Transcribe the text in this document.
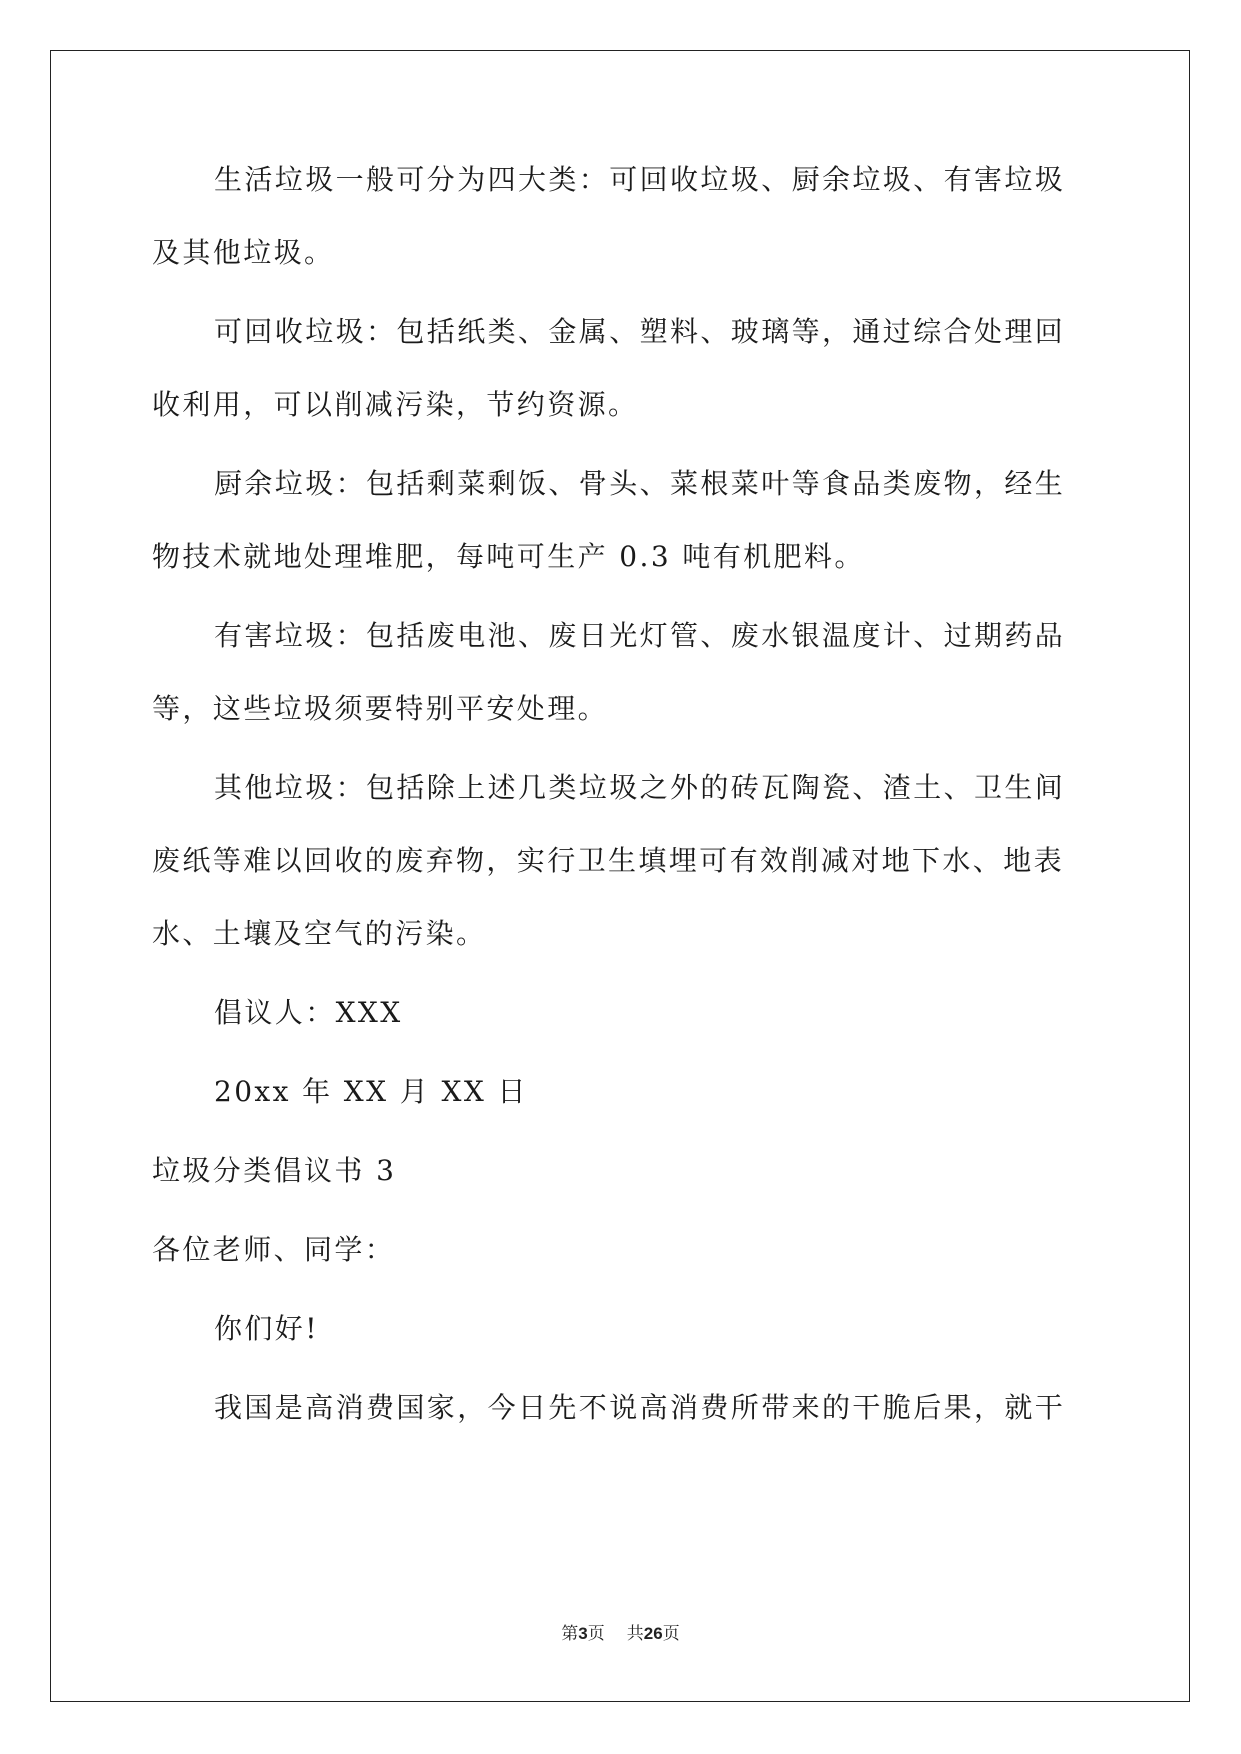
生活垃圾一般可分为四大类：可回收垃圾、厨余垃圾、有害垃圾
及其他垃圾。
可回收垃圾：包括纸类、金属、塑料、玻璃等，通过综合处理回
收利用，可以削减污染，节约资源。
厨余垃圾：包括剩菜剩饭、骨头、菜根菜叶等食品类废物，经生
物技术就地处理堆肥，每吨可生产 0.3 吨有机肥料。
有害垃圾：包括废电池、废日光灯管、废水银温度计、过期药品
等，这些垃圾须要特别平安处理。
其他垃圾：包括除上述几类垃圾之外的砖瓦陶瓷、渣土、卫生间
废纸等难以回收的废弃物，实行卫生填埋可有效削减对地下水、地表
水、土壤及空气的污染。
倡议人：XXX
20xx 年 XX 月 XX 日
垃圾分类倡议书 3
各位老师、同学：
你们好!
我国是高消费国家，今日先不说高消费所带来的干脆后果，就干
第3页 共26页
